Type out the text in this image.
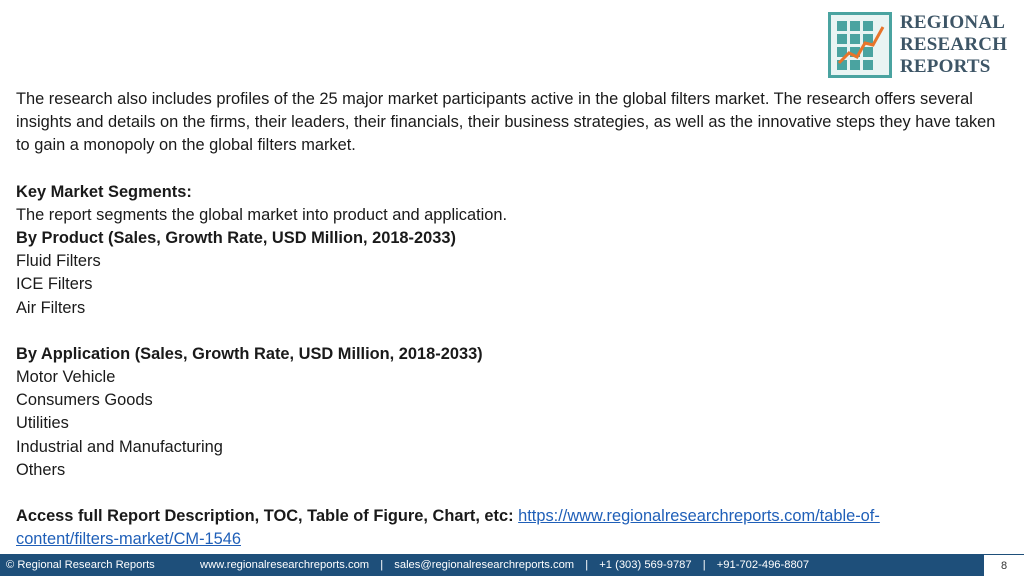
REGIONAL
RESEARCH
REPORTS

The research also includes profiles of the 25 major market participants active in the global filters market. The research offers several insights and details on the firms, their leaders, their financials, their business strategies, as well as the innovative steps they have taken to gain a monopoly on the global filters market.

Key Market Segments:

The report segments the global market into product and application.

By Product (Sales, Growth Rate, USD Million, 2018-2033)

Fluid Filters

ICE Filters

Air Filters

By Application (Sales, Growth Rate, USD Million, 2018-2033)

Motor Vehicle

Consumers Goods

Utilities

Industrial and Manufacturing

Others

Access full Report Description, TOC, Table of Figure, Chart, etc: https://www.regionalresearchreports.com/table-of-
content/filters-market/CM-1546

© Regional Research Reports	www.regionalresearchreports.com | sales@regionalresearchreports.com | +1 (303) 569-9787 | +91-702-496-8807	8
